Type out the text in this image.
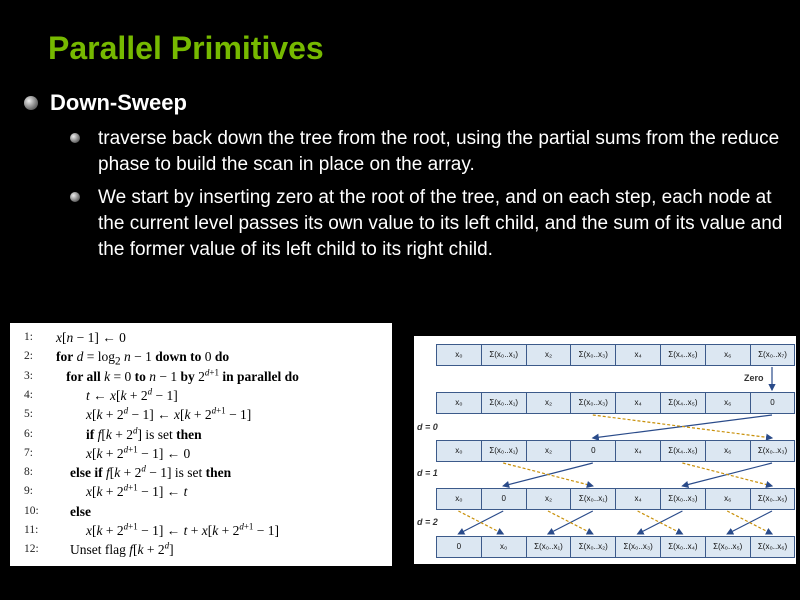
Parallel Primitives
Down-Sweep
traverse back down the tree from the root, using the partial sums from the reduce phase to build the scan in place on the array.
We start by inserting zero at the root of the tree, and on each step, each node at the current level passes its own value to its left child, and the sum of its value and the former value of its left child to its right child.
1:	x[n − 1] ← 0
2:	for $d = \log_2 n - 1$ down to 0 do
3:	for all k = 0 to n − 1 by $2^{d+1}$ in parallel do
4:	t ← $x[k + 2^d - 1]$
5:	$x[k + 2^d - 1]$ ← $x[k + 2^{d+1} - 1]$
6:	if $f[k + 2^d]$ is set then
7:	$x[k + 2^{d+1} - 1]$ ← 0
8:	else if $f[k + 2^d - 1]$ is set then
9:	$x[k + 2^{d+1} - 1]$ ← t
10:	else
11:	$x[k + 2^{d+1} - 1]$ ← $t + x[k + 2^{d+1} - 1]$
12:	Unset flag $f[k + 2^d]$
Zero
d = 0
d = 1
d = 2
x₀	Σ(x₀..x₁)	x₂	Σ(x₀..x₃)	x₄	Σ(x₄..x₅)	x₆	Σ(x₀..x₇)
x₀	Σ(x₀..x₁)	x₂	Σ(x₀..x₃)	x₄	Σ(x₄..x₅)	x₆	0
x₀	Σ(x₀..x₁)	x₂	0	x₄	Σ(x₄..x₅)	x₆	Σ(x₀..x₃)
x₀	0	x₂	Σ(x₀..x₁)	x₄	Σ(x₀..x₃)	x₆	Σ(x₀..x₅)
0	x₀	Σ(x₀..x₁)	Σ(x₀..x₂)	Σ(x₀..x₃)	Σ(x₀..x₄)	Σ(x₀..x₅)	Σ(x₀..x₆)
